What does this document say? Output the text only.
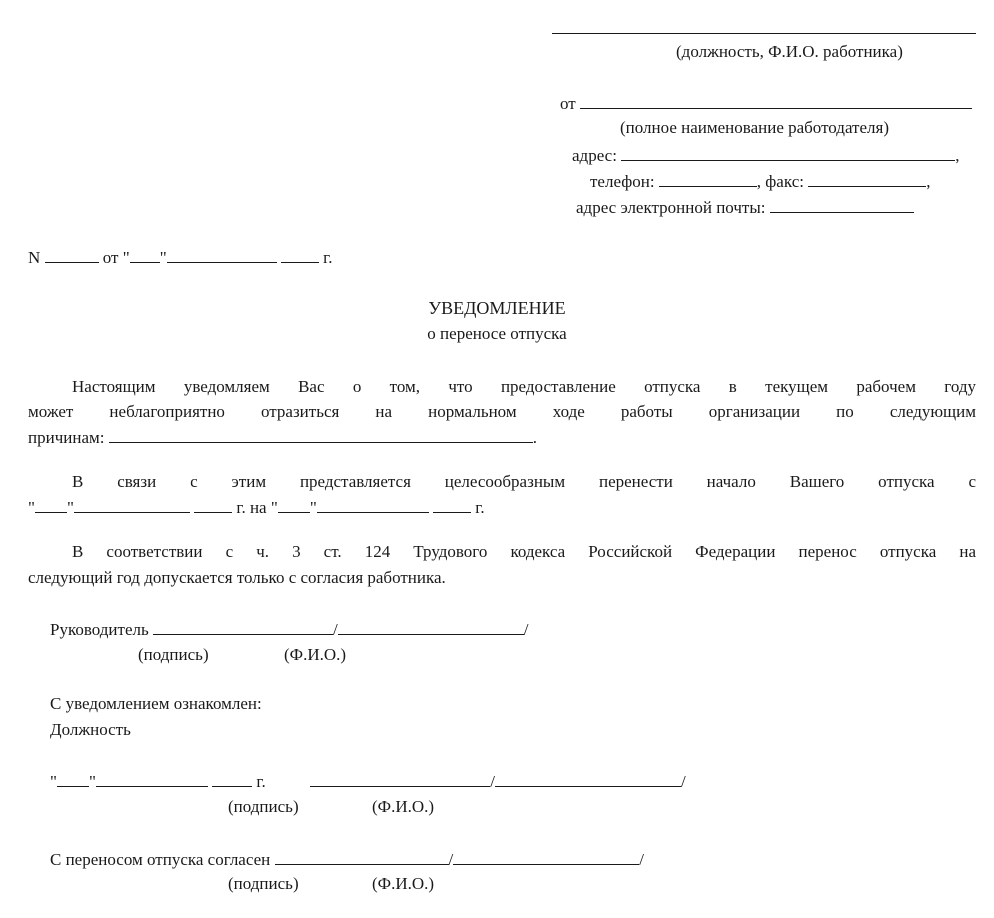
(должность, Ф.И.О. работника)
от
(полное наименование работодателя)
адрес:	,
телефон:	, факс:	,
адрес электронной почты:
N	от " "	г.
УВЕДОМЛЕНИЕ
о переносе отпуска
Настоящим уведомляем Вас о том, что предоставление отпуска в текущем рабочем году
может неблагоприятно отразиться на нормальном ходе работы организации по следующим
причинам:	.
В связи с этим представляется целесообразным перенести начало Вашего отпуска с
" "	г. на " "	г.
В соответствии с ч. 3 ст. 124 Трудового кодекса Российской Федерации перенос отпуска на
следующий год допускается только с согласия работника.
Руководитель	/	/
(подпись)	(Ф.И.О.)
С уведомлением ознакомлен:
Должность
" "	г.	/	/
(подпись)	(Ф.И.О.)
С переносом отпуска согласен	/	/
(подпись)	(Ф.И.О.)
